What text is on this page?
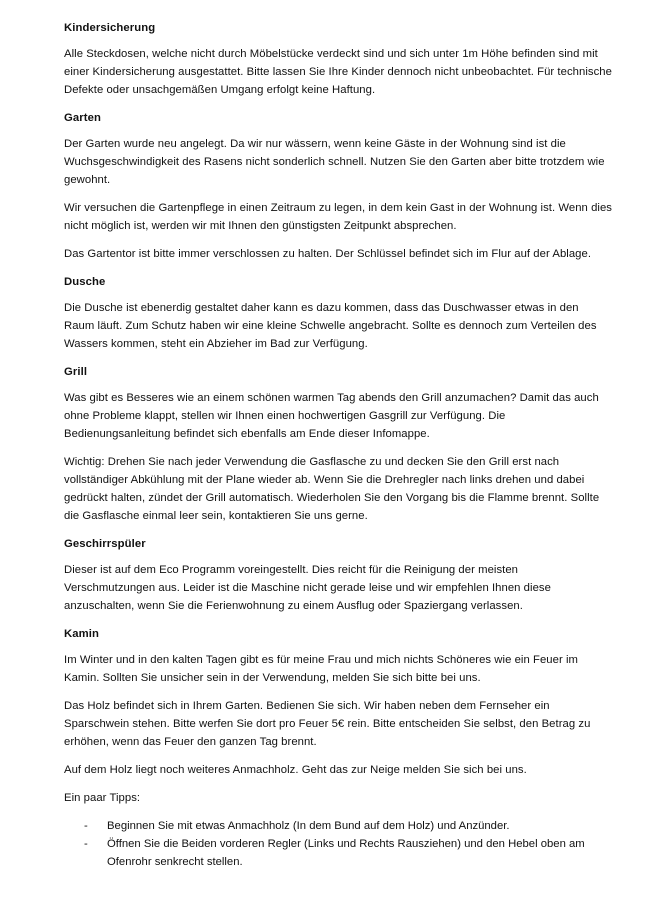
Kindersicherung

Alle Steckdosen, welche nicht durch Möbelstücke verdeckt sind und sich unter 1m Höhe befinden sind mit einer Kindersicherung ausgestattet. Bitte lassen Sie Ihre Kinder dennoch nicht unbeobachtet. Für technische Defekte oder unsachgemäßen Umgang erfolgt keine Haftung.

Garten

Der Garten wurde neu angelegt. Da wir nur wässern, wenn keine Gäste in der Wohnung sind ist die Wuchsgeschwindigkeit des Rasens nicht sonderlich schnell. Nutzen Sie den Garten aber bitte trotzdem wie gewohnt.

Wir versuchen die Gartenpflege in einen Zeitraum zu legen, in dem kein Gast in der Wohnung ist. Wenn dies nicht möglich ist, werden wir mit Ihnen den günstigsten Zeitpunkt absprechen.

Das Gartentor ist bitte immer verschlossen zu halten. Der Schlüssel befindet sich im Flur auf der Ablage.

Dusche

Die Dusche ist ebenerdig gestaltet daher kann es dazu kommen, dass das Duschwasser etwas in den Raum läuft. Zum Schutz haben wir eine kleine Schwelle angebracht. Sollte es dennoch zum Verteilen des Wassers kommen, steht ein Abzieher im Bad zur Verfügung.

Grill

Was gibt es Besseres wie an einem schönen warmen Tag abends den Grill anzumachen? Damit das auch ohne Probleme klappt, stellen wir Ihnen einen hochwertigen Gasgrill zur Verfügung. Die Bedienungsanleitung befindet sich ebenfalls am Ende dieser Infomappe.

Wichtig: Drehen Sie nach jeder Verwendung die Gasflasche zu und decken Sie den Grill erst nach vollständiger Abkühlung mit der Plane wieder ab. Wenn Sie die Drehregler nach links drehen und dabei gedrückt halten, zündet der Grill automatisch. Wiederholen Sie den Vorgang bis die Flamme brennt. Sollte die Gasflasche einmal leer sein, kontaktieren Sie uns gerne.

Geschirrspüler

Dieser ist auf dem Eco Programm voreingestellt. Dies reicht für die Reinigung der meisten Verschmutzungen aus. Leider ist die Maschine nicht gerade leise und wir empfehlen Ihnen diese anzuschalten, wenn Sie die Ferienwohnung zu einem Ausflug oder Spaziergang verlassen.

Kamin

Im Winter und in den kalten Tagen gibt es für meine Frau und mich nichts Schöneres wie ein Feuer im Kamin. Sollten Sie unsicher sein in der Verwendung, melden Sie sich bitte bei uns.

Das Holz befindet sich in Ihrem Garten. Bedienen Sie sich. Wir haben neben dem Fernseher ein Sparschwein stehen. Bitte werfen Sie dort pro Feuer 5€ rein. Bitte entscheiden Sie selbst, den Betrag zu erhöhen, wenn das Feuer den ganzen Tag brennt.

Auf dem Holz liegt noch weiteres Anmachholz. Geht das zur Neige melden Sie sich bei uns.

Ein paar Tipps:

- Beginnen Sie mit etwas Anmachholz (In dem Bund auf dem Holz) und Anzünder.
- Öffnen Sie die Beiden vorderen Regler (Links und Rechts Rausziehen) und den Hebel oben am Ofenrohr senkrecht stellen.
